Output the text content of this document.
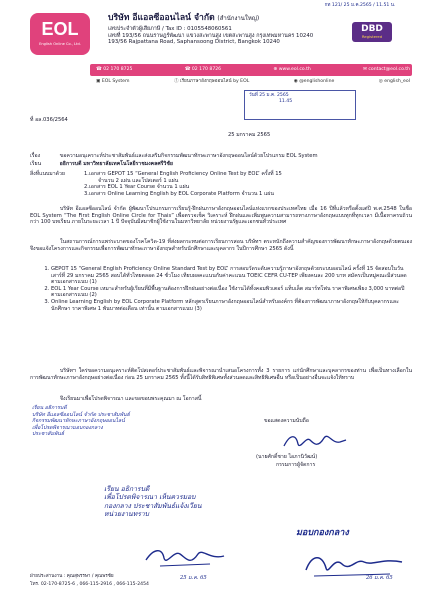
กท 121/ 25 ม.ค.2565 / 11.51 น.
EOL
English Online Co., Ltd.
บริษัท อีแอลซีออนไลน์ จำกัด (สำนักงานใหญ่)
เลขประจำตัวผู้เสียภาษี / Tax ID : 0105548060561
เลขที่ 193/56 ถนนราษฎร์พัฒนา แขวงสะพานสูง เขตสะพานสูง กรุงเทพมหานคร 10240
193/56 Rajpattana Road, Saphansoong District, Bangkok 10240
DBD
Registered
☎ 02 170 8725	☎ 02 170 8726	⊕ www.eol.co.th	✉ contact@eol.co.th
▣ EOL System	ⓕ เรียนภาษาอังกฤษออนไลน์ by EOL	◉ @englishonline	◎ english_eol
วันที่ 25 ม.ค. 2565
11.45
ที่ อล.036/2564
25 มกราคม 2565
เรื่อง	ขอความอนุเคราะห์ประชาสัมพันธ์และส่งเสริมกิจกรรมพัฒนาทักษะภาษาอังกฤษออนไลน์ด้วยโปรแกรม EOL System
เรียน	อธิการบดี มหาวิทยาลัยเทคโนโลยีราชมงคลศรีวิชัย
สิ่งที่แนบมาด้วย	1.เอกสาร GEPOT 15 “General English Proficiency Online Test by EOL” ครั้งที่ 15
จำนวน 2 แผ่น และโปสเตอร์ 1 แผ่น
2.เอกสาร EOL 1 Year Course จำนวน 1 แผ่น
3.เอกสาร Online Learning English by EOL Corporate Platform จำนวน 1 แผ่น
บริษัท อีแอลซีออนไลน์ จำกัด ผู้พัฒนาโปรแกรมการเรียนรู้-ฝึกฝนภาษาอังกฤษออนไลน์แห่งแรกของประเทศไทย เมื่อ 16 ปีที่แล้วหรือตั้งแต่ปี พ.ศ.2548 ในชื่อ EOL System “The First English Online Circle for Thais” เพื่อตรวจเช็ค วิเคราะห์ ฝึกฝนและเพิ่มพูนความสามารถทางภาษาอังกฤษแบบทุกที่ทุกเวลา มีเนื้อหาครบถ้วนกว่า 100 บทเรียน ภายในระยะเวลา 1 ปี ปัจจุบันมีสมาชิกผู้ใช้งานในมหาวิทยาลัย หน่วยงานรัฐและเอกชนทั่วประเทศ
ในสถานการณ์การแพร่ระบาดของโรคโควิด-19 ที่ส่งผลกระทบต่อการเรียนการสอน บริษัทฯ ตระหนักถึงความสำคัญของการพัฒนาทักษะภาษาอังกฤษด้วยตนเอง จึงขอแจ้งโครงการและกิจกรรมเพื่อการพัฒนาทักษะภาษาอังกฤษสำหรับนักศึกษาและบุคลากร ในปีการศึกษา 2565 ดังนี้
1. GEPOT 15 “General English Proficiency Online Standard Test by EOL” การสอบวัดระดับความรู้ภาษาอังกฤษด้วยระบบออนไลน์ ครั้งที่ 15 จัดสอบในวันเสาร์ที่ 29 มกราคม 2565 สอบได้ทั่วไทยตลอด 24 ชั่วโมง เทียบผลคะแนนกับค่าคะแนน TOEIC CEFR CU-TEP เพียงคนละ 200 บาท สมัครเป็นหมู่คณะมีส่วนลด ตามเอกสารแนบ (1)
2. EOL 1 Year Course เหมาะสำหรับผู้เรียนที่มีพื้นฐานต้องการฝึกฝนอย่างต่อเนื่อง ใช้งานได้ทั้งคอมพิวเตอร์ แท็บเล็ต สมาร์ทโฟน ราคาพิเศษเพียง 3,000 บาทต่อปี ตามเอกสารแนบ (2)
3. Online Learning English by EOL Corporate Platform หลักสูตรเรียนภาษาอังกฤษออนไลน์สำหรับองค์กร ที่ต้องการพัฒนาภาษาอังกฤษให้กับบุคลากรและนักศึกษา ราคาพิเศษ 1 พันบาทต่อเดือน เท่านั้น ตามเอกสารแนบ (3)
บริษัทฯ ใคร่ขอความอนุเคราะห์ติดโปสเตอร์ประชาสัมพันธ์และพิจารณานำเสนอโครงการทั้ง 3 รายการ แก่นักศึกษาและบุคลากรของท่าน เพื่อเป็นทางเลือกในการพัฒนาทักษะภาษาอังกฤษอย่างต่อเนื่อง ก่อน 25 มกราคม 2565 ทั้งนี้ได้รับสิทธิพิเศษทั้งส่วนลดและสิทธิพิเศษอื่น หรือเป็นอย่างอื่นจะแจ้งให้ทราบ
จึงเรียนมาเพื่อโปรดพิจารณา และขอขอบพระคุณมา ณ โอกาสนี้
เรียน อธิการบดี
บริษัท อีแอลซีออนไลน์ จำกัด ประชาสัมพันธ์
กิจกรรมพัฒนาทักษะภาษาอังกฤษออนไลน์
เพื่อโปรดพิจารณามอบกองกลาง
ประชาสัมพันธ์
ขอแสดงความนับถือ
(นายศักดิ์ชาย ไอภานิวัฒน์)
กรรมการผู้จัดการ
เรียน อธิการบดี
เพื่อโปรดพิจารณา เห็นควรมอบ
กองกลาง ประชาสัมพันธ์แจ้งเวียน
หน่วยงานทราบ
25 ม.ค. 65
มอบกองกลาง
26 ม.ค. 65
ฝ่ายประสานงาน : คุณสุพรรษา / คุณพรชัย
โทร. 02-170-8725-6 , 066-115-2916 , 066-115-2454
